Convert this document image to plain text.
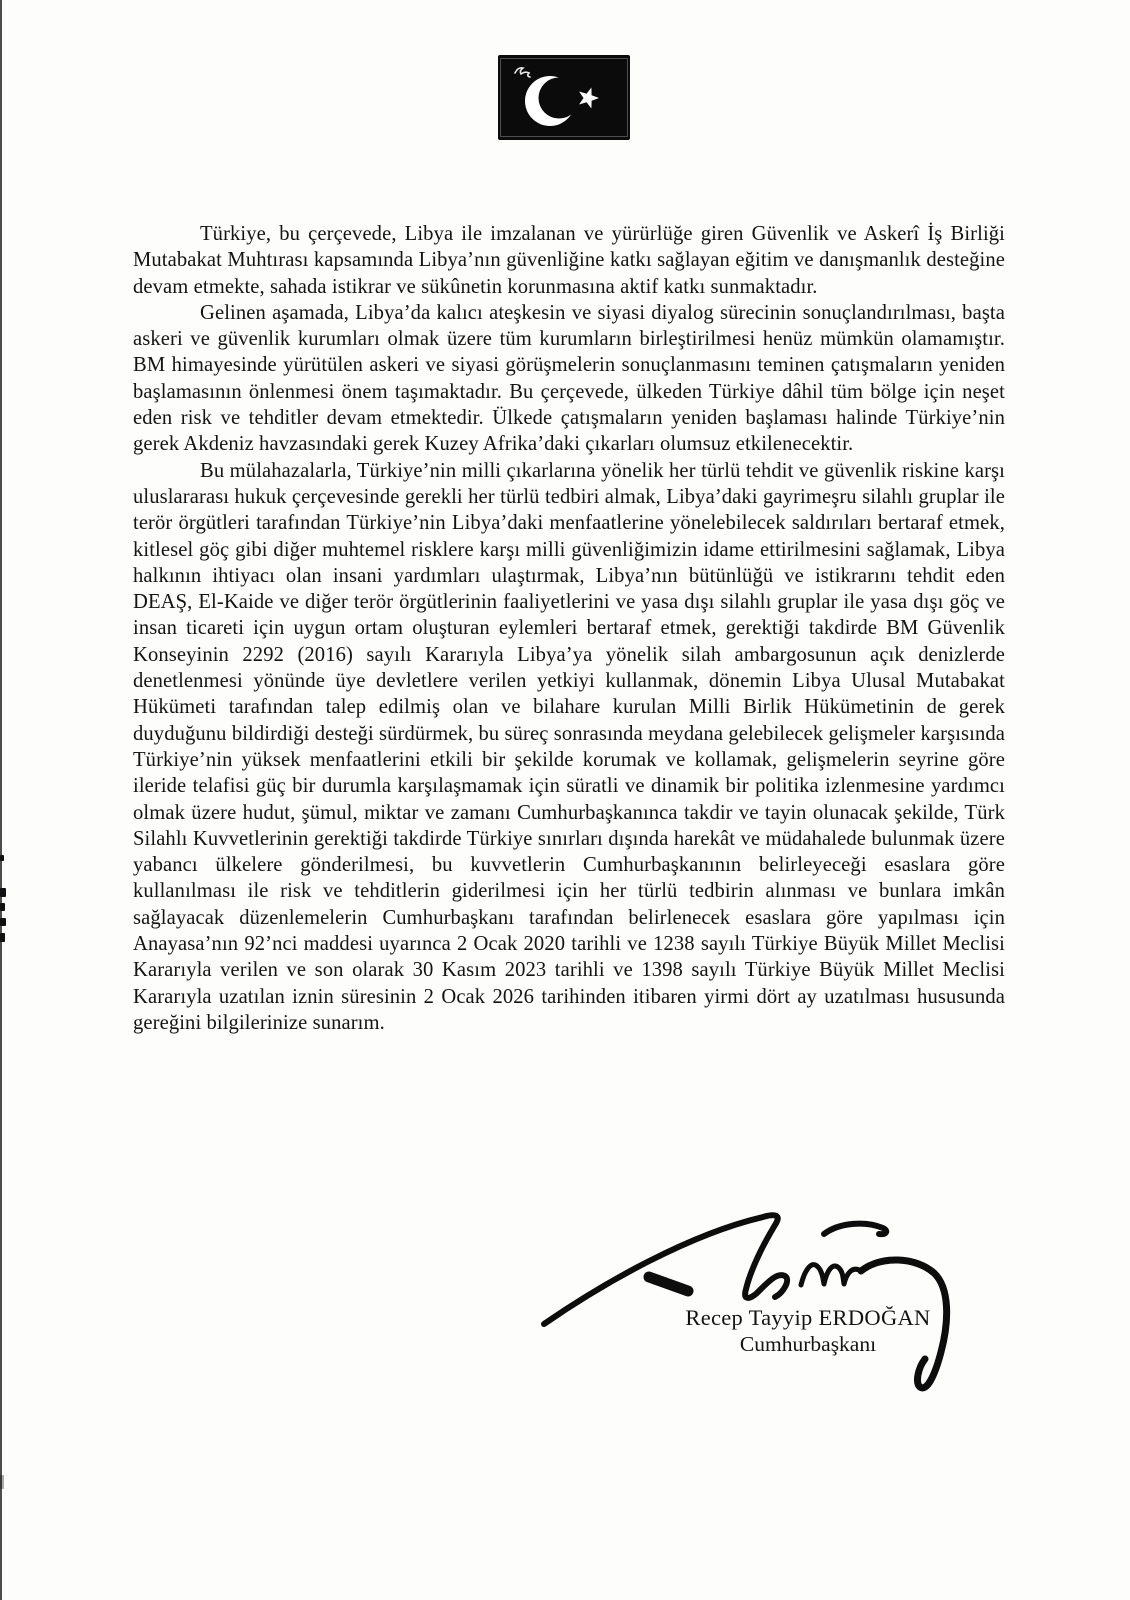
Türkiye, bu çerçevede, Libya ile imzalanan ve yürürlüğe giren Güvenlik ve Askerî İş Birliği Mutabakat Muhtırası kapsamında Libya’nın güvenliğine katkı sağlayan eğitim ve danışmanlık desteğine devam etmekte, sahada istikrar ve sükûnetin korunmasına aktif katkı sunmaktadır.

Gelinen aşamada, Libya’da kalıcı ateşkesin ve siyasi diyalog sürecinin sonuçlandırılması, başta askeri ve güvenlik kurumları olmak üzere tüm kurumların birleştirilmesi henüz mümkün olamamıştır. BM himayesinde yürütülen askeri ve siyasi görüşmelerin sonuçlanmasını teminen çatışmaların yeniden başlamasının önlenmesi önem taşımaktadır. Bu çerçevede, ülkeden Türkiye dâhil tüm bölge için neşet eden risk ve tehditler devam etmektedir. Ülkede çatışmaların yeniden başlaması halinde Türkiye’nin gerek Akdeniz havzasındaki gerek Kuzey Afrika’daki çıkarları olumsuz etkilenecektir.

Bu mülahazalarla, Türkiye’nin milli çıkarlarına yönelik her türlü tehdit ve güvenlik riskine karşı uluslararası hukuk çerçevesinde gerekli her türlü tedbiri almak, Libya’daki gayrimeşru silahlı gruplar ile terör örgütleri tarafından Türkiye’nin Libya’daki menfaatlerine yönelebilecek saldırıları bertaraf etmek, kitlesel göç gibi diğer muhtemel risklere karşı milli güvenliğimizin idame ettirilmesini sağlamak, Libya halkının ihtiyacı olan insani yardımları ulaştırmak, Libya’nın bütünlüğü ve istikrarını tehdit eden DEAŞ, El-Kaide ve diğer terör örgütlerinin faaliyetlerini ve yasa dışı silahlı gruplar ile yasa dışı göç ve insan ticareti için uygun ortam oluşturan eylemleri bertaraf etmek, gerektiği takdirde BM Güvenlik Konseyinin 2292 (2016) sayılı Kararıyla Libya’ya yönelik silah ambargosunun açık denizlerde denetlenmesi yönünde üye devletlere verilen yetkiyi kullanmak, dönemin Libya Ulusal Mutabakat Hükümeti tarafından talep edilmiş olan ve bilahare kurulan Milli Birlik Hükümetinin de gerek duyduğunu bildirdiği desteği sürdürmek, bu süreç sonrasında meydana gelebilecek gelişmeler karşısında Türkiye’nin yüksek menfaatlerini etkili bir şekilde korumak ve kollamak, gelişmelerin seyrine göre ileride telafisi güç bir durumla karşılaşmamak için süratli ve dinamik bir politika izlenmesine yardımcı olmak üzere hudut, şümul, miktar ve zamanı Cumhurbaşkanınca takdir ve tayin olunacak şekilde, Türk Silahlı Kuvvetlerinin gerektiği takdirde Türkiye sınırları dışında harekât ve müdahalede bulunmak üzere yabancı ülkelere gönderilmesi, bu kuvvetlerin Cumhurbaşkanının belirleyeceği esaslara göre kullanılması ile risk ve tehditlerin giderilmesi için her türlü tedbirin alınması ve bunlara imkân sağlayacak düzenlemelerin Cumhurbaşkanı tarafından belirlenecek esaslara göre yapılması için Anayasa’nın 92’nci maddesi uyarınca 2 Ocak 2020 tarihli ve 1238 sayılı Türkiye Büyük Millet Meclisi Kararıyla verilen ve son olarak 30 Kasım 2023 tarihli ve 1398 sayılı Türkiye Büyük Millet Meclisi Kararıyla uzatılan iznin süresinin 2 Ocak 2026 tarihinden itibaren yirmi dört ay uzatılması hususunda gereğini bilgilerinize sunarım.

Recep Tayyip ERDOĞAN
Cumhurbaşkanı
